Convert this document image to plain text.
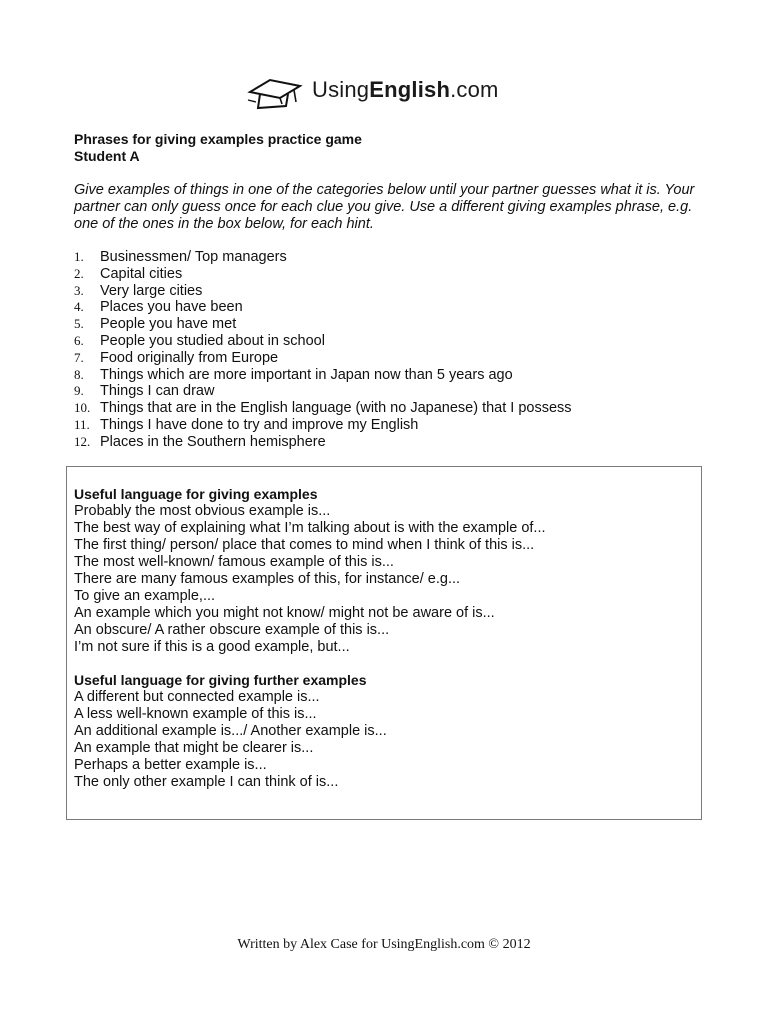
UsingEnglish.com
Phrases for giving examples practice game
Student A
Give examples of things in one of the categories below until your partner guesses what it is. Your partner can only guess once for each clue you give. Use a different giving examples phrase, e.g. one of the ones in the box below, for each hint.
1.	Businessmen/ Top managers
2.	Capital cities
3.	Very large cities
4.	Places you have been
5.	People you have met
6.	People you studied about in school
7.	Food originally from Europe
8.	Things which are more important in Japan now than 5 years ago
9.	Things I can draw
10. Things that are in the English language (with no Japanese) that I possess
11. Things I have done to try and improve my English
12. Places in the Southern hemisphere
Useful language for giving examples
Probably the most obvious example is...
The best way of explaining what I’m talking about is with the example of...
The first thing/ person/ place that comes to mind when I think of this is...
The most well-known/ famous example of this is...
There are many famous examples of this, for instance/ e.g...
To give an example,...
An example which you might not know/ might not be aware of is...
An obscure/ A rather obscure example of this is...
I’m not sure if this is a good example, but...
Useful language for giving further examples
A different but connected example is...
A less well-known example of this is...
An additional example is.../ Another example is...
An example that might be clearer is...
Perhaps a better example is...
The only other example I can think of is...
Written by Alex Case for UsingEnglish.com © 2012
